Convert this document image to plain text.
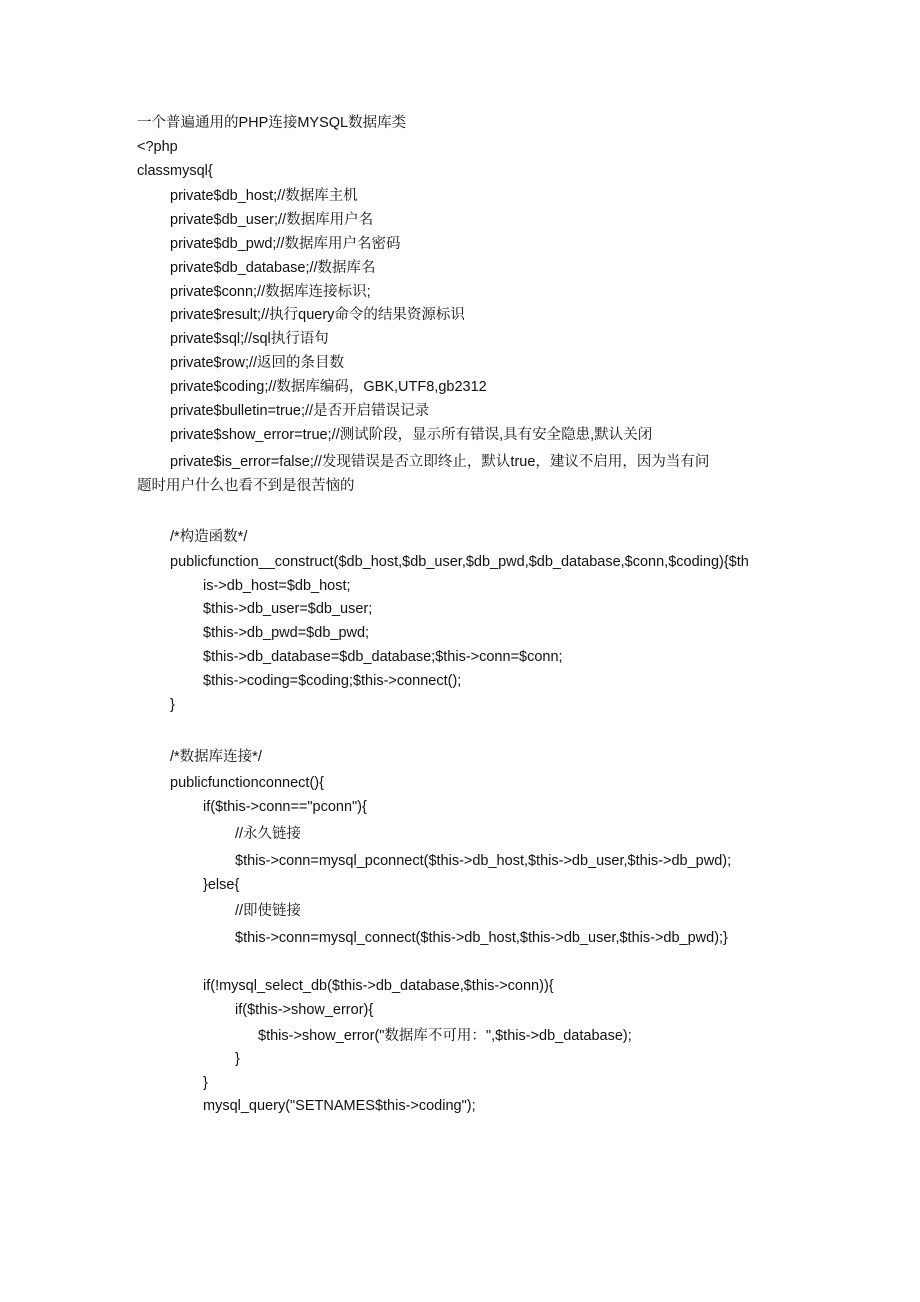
一个普遍通用的PHP连接MYSQL数据库类
<?php
classmysql{
private$db_host;//数据库主机
private$db_user;//数据库用户名
private$db_pwd;//数据库用户名密码
private$db_database;//数据库名
private$conn;//数据库连接标识;
private$result;//执行query命令的结果资源标识
private$sql;//sql执行语句
private$row;//返回的条目数
private$coding;//数据库编码，GBK,UTF8,gb2312
private$bulletin=true;//是否开启错误记录
private$show_error=true;//测试阶段，显示所有错误,具有安全隐患,默认关闭
private$is_error=false;//发现错误是否立即终止，默认true，建议不启用，因为当有问
题时用户什么也看不到是很苦恼的
/*构造函数*/
publicfunction__construct($db_host,$db_user,$db_pwd,$db_database,$conn,$coding){$th
is->db_host=$db_host;
$this->db_user=$db_user;
$this->db_pwd=$db_pwd;
$this->db_database=$db_database;$this->conn=$conn;
$this->coding=$coding;$this->connect();
}
/*数据库连接*/
publicfunctionconnect(){
if($this->conn=="pconn"){
//永久链接
$this->conn=mysql_pconnect($this->db_host,$this->db_user,$this->db_pwd);
}else{
//即使链接
$this->conn=mysql_connect($this->db_host,$this->db_user,$this->db_pwd);}
if(!mysql_select_db($this->db_database,$this->conn)){
if($this->show_error){
$this->show_error("数据库不可用：",$this->db_database);
}
}
mysql_query("SETNAMES$this->coding");
